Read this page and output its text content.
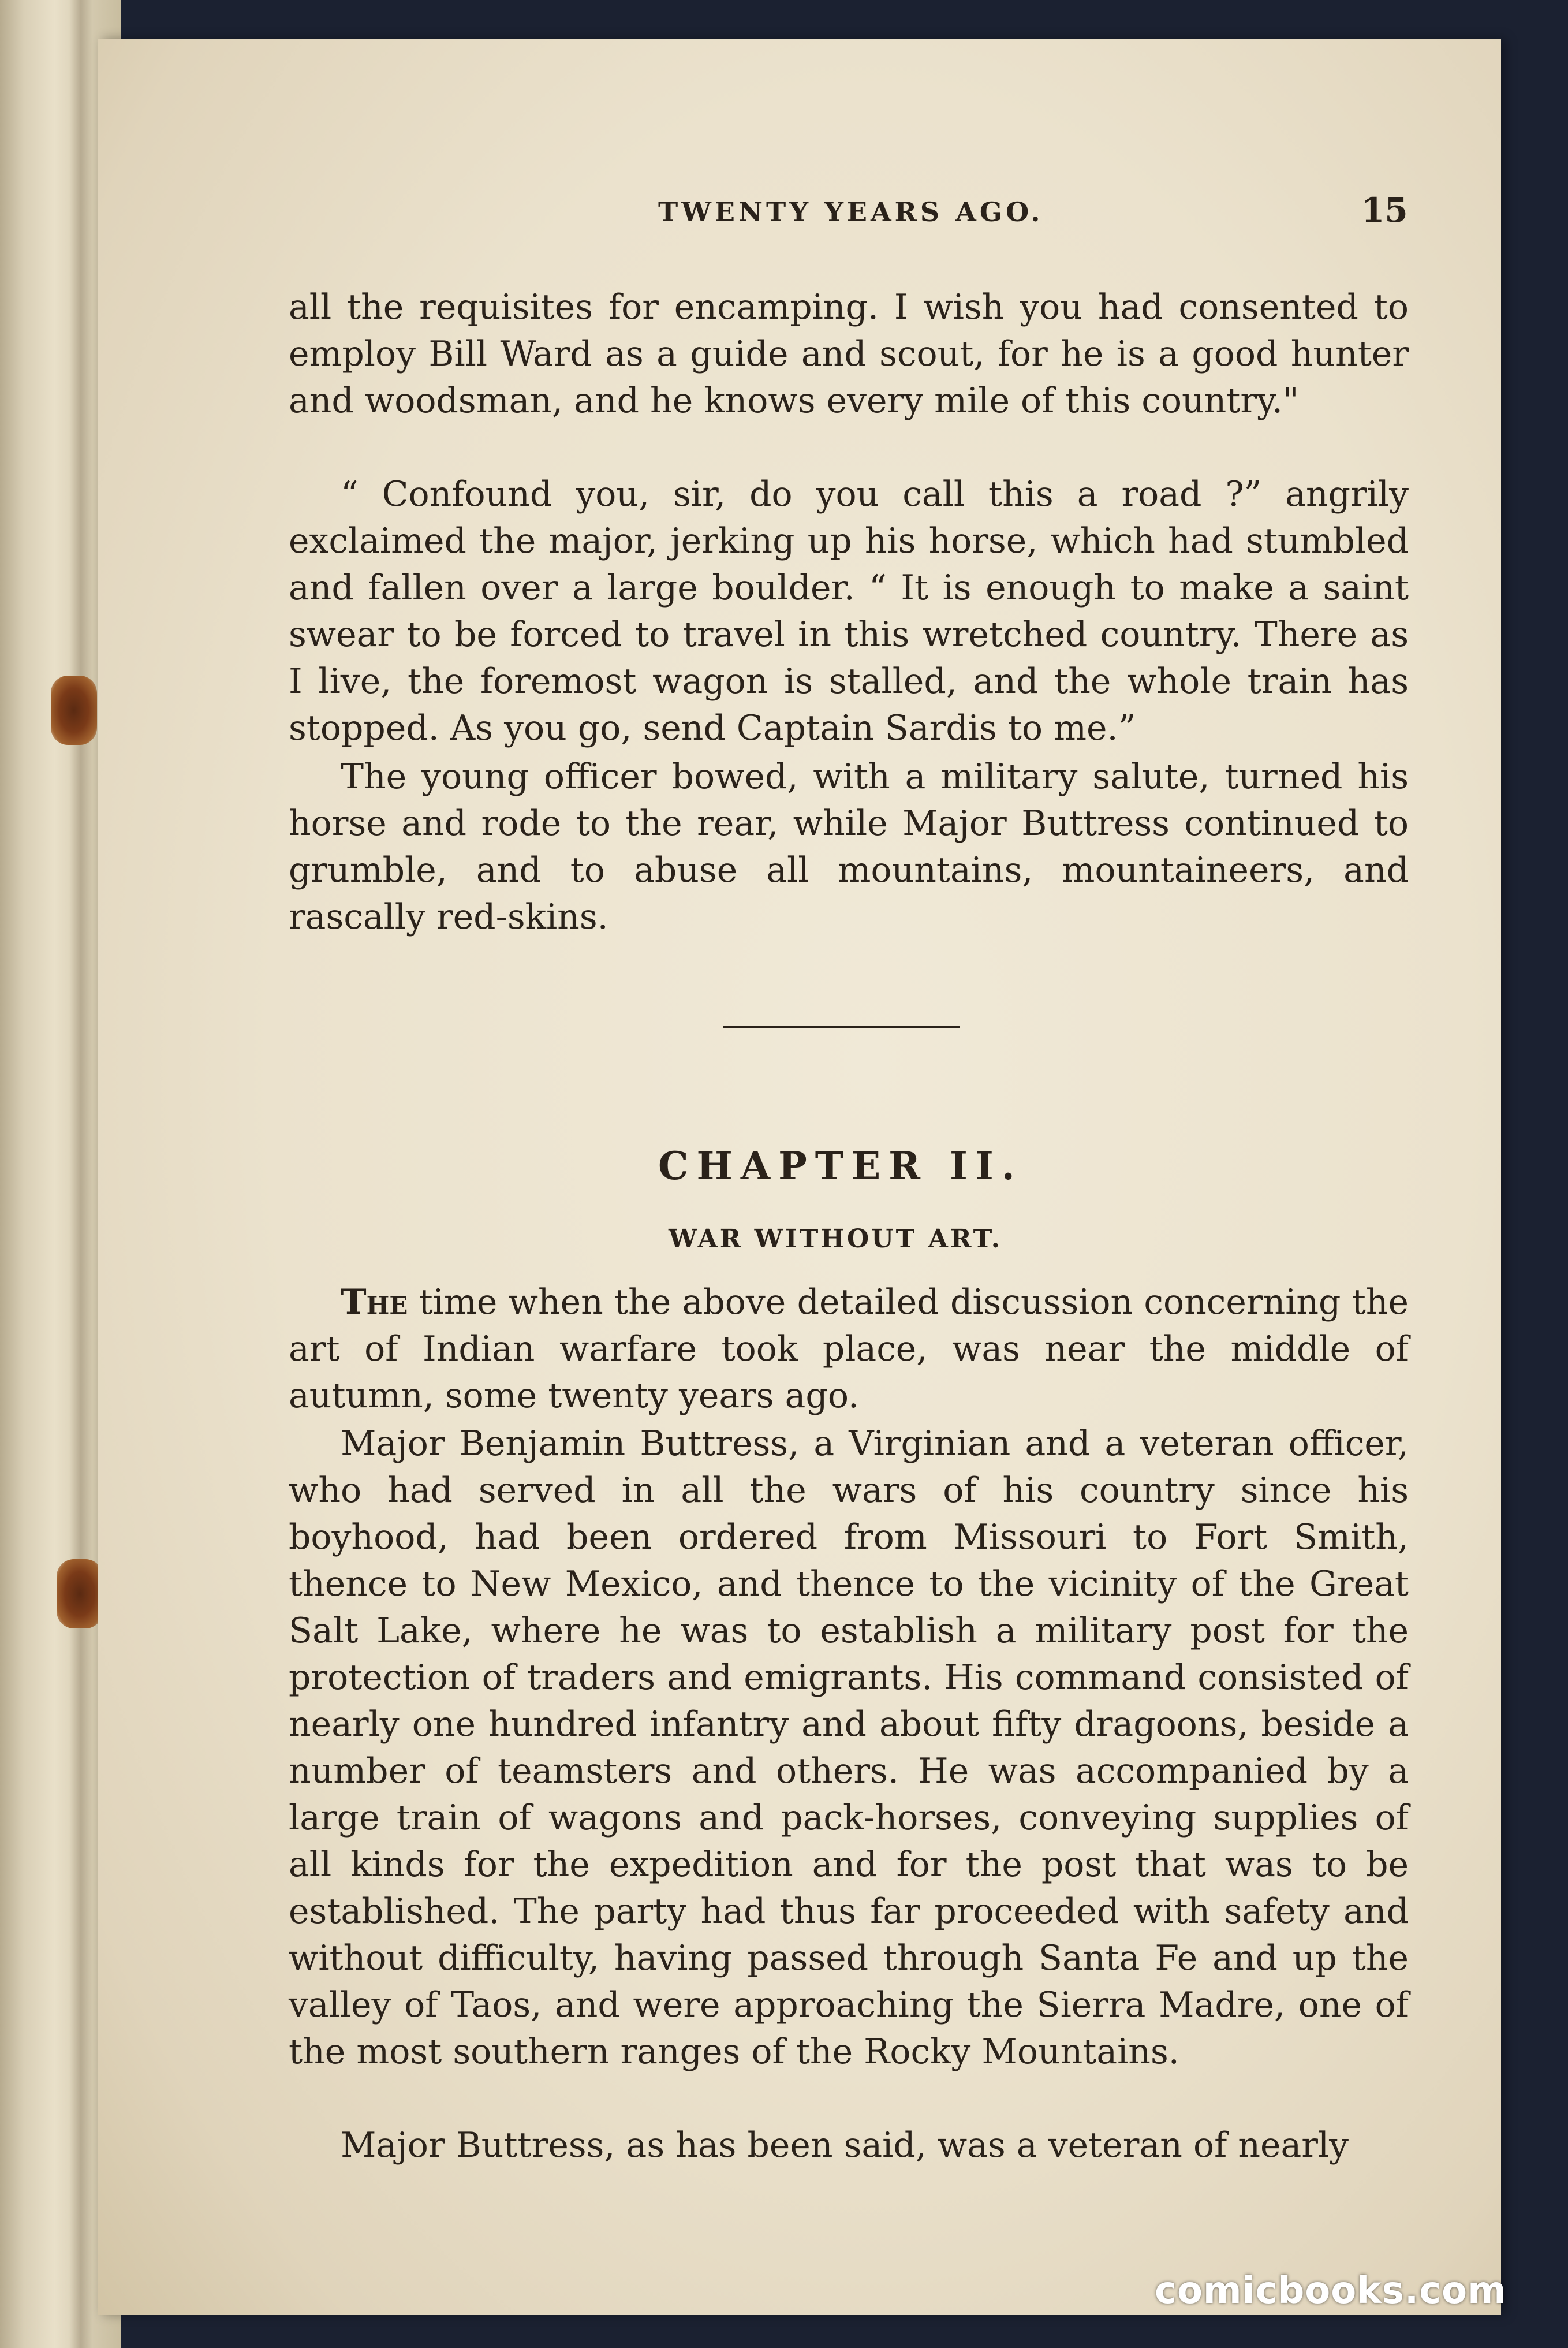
TWENTY YEARS AGO.	15

all the requisites for encamping. I wish you had consented to employ Bill Ward as a guide and scout, for he is a good hunter and woodsman, and he knows every mile of this country."

“ Confound you, sir, do you call this a road ?” angrily exclaimed the major, jerking up his horse, which had stumbled and fallen over a large boulder. “ It is enough to make a saint swear to be forced to travel in this wretched country. There as I live, the foremost wagon is stalled, and the whole train has stopped. As you go, send Captain Sardis to me.”

The young officer bowed, with a military salute, turned his horse and rode to the rear, while Major Buttress continued to grumble, and to abuse all mountains, mountaineers, and rascally red-skins.

CHAPTER II.
WAR WITHOUT ART.

The time when the above detailed discussion concerning the art of Indian warfare took place, was near the middle of autumn, some twenty years ago.

Major Benjamin Buttress, a Virginian and a veteran officer, who had served in all the wars of his country since his boyhood, had been ordered from Missouri to Fort Smith, thence to New Mexico, and thence to the vicinity of the Great Salt Lake, where he was to establish a military post for the protection of traders and emigrants. His command consisted of nearly one hundred infantry and about fifty dragoons, beside a number of teamsters and others. He was accompanied by a large train of wagons and pack-horses, conveying supplies of all kinds for the expedition and for the post that was to be established. The party had thus far proceeded with safety and without difficulty, having passed through Santa Fe and up the valley of Taos, and were approaching the Sierra Madre, one of the most southern ranges of the Rocky Mountains.

Major Buttress, as has been said, was a veteran of nearly

comicbooks.com
